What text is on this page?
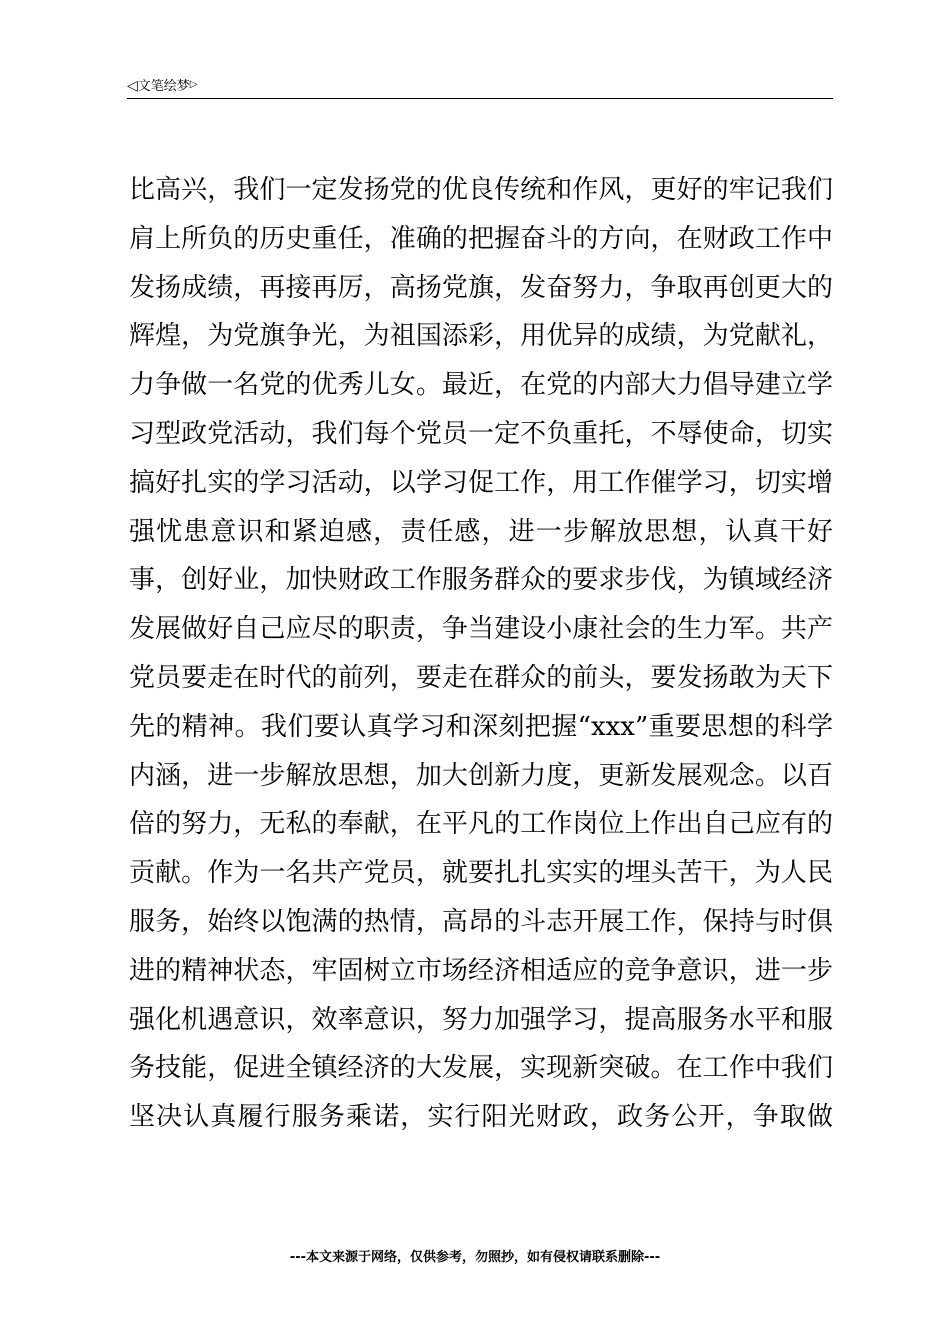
◁文笔绘梦▷
比高兴，我们一定发扬党的优良传统和作风，更好的牢记我们
肩上所负的历史重任，准确的把握奋斗的方向，在财政工作中
发扬成绩，再接再厉，高扬党旗，发奋努力，争取再创更大的
辉煌，为党旗争光，为祖国添彩，用优异的成绩，为党献礼，
力争做一名党的优秀儿女。最近，在党的内部大力倡导建立学
习型政党活动，我们每个党员一定不负重托，不辱使命，切实
搞好扎实的学习活动，以学习促工作，用工作催学习，切实增
强忧患意识和紧迫感，责任感，进一步解放思想，认真干好
事，创好业，加快财政工作服务群众的要求步伐，为镇域经济
发展做好自己应尽的职责，争当建设小康社会的生力军。共产
党员要走在时代的前列，要走在群众的前头，要发扬敢为天下
先的精神。我们要认真学习和深刻把握“xxx”重要思想的科学
内涵，进一步解放思想，加大创新力度，更新发展观念。以百
倍的努力，无私的奉献，在平凡的工作岗位上作出自己应有的
贡献。作为一名共产党员，就要扎扎实实的埋头苦干，为人民
服务，始终以饱满的热情，高昂的斗志开展工作，保持与时俱
进的精神状态，牢固树立市场经济相适应的竞争意识，进一步
强化机遇意识，效率意识，努力加强学习，提高服务水平和服
务技能，促进全镇经济的大发展，实现新突破。在工作中我们
坚决认真履行服务乘诺，实行阳光财政，政务公开，争取做
---本文来源于网络，仅供参考，勿照抄，如有侵权请联系删除---
